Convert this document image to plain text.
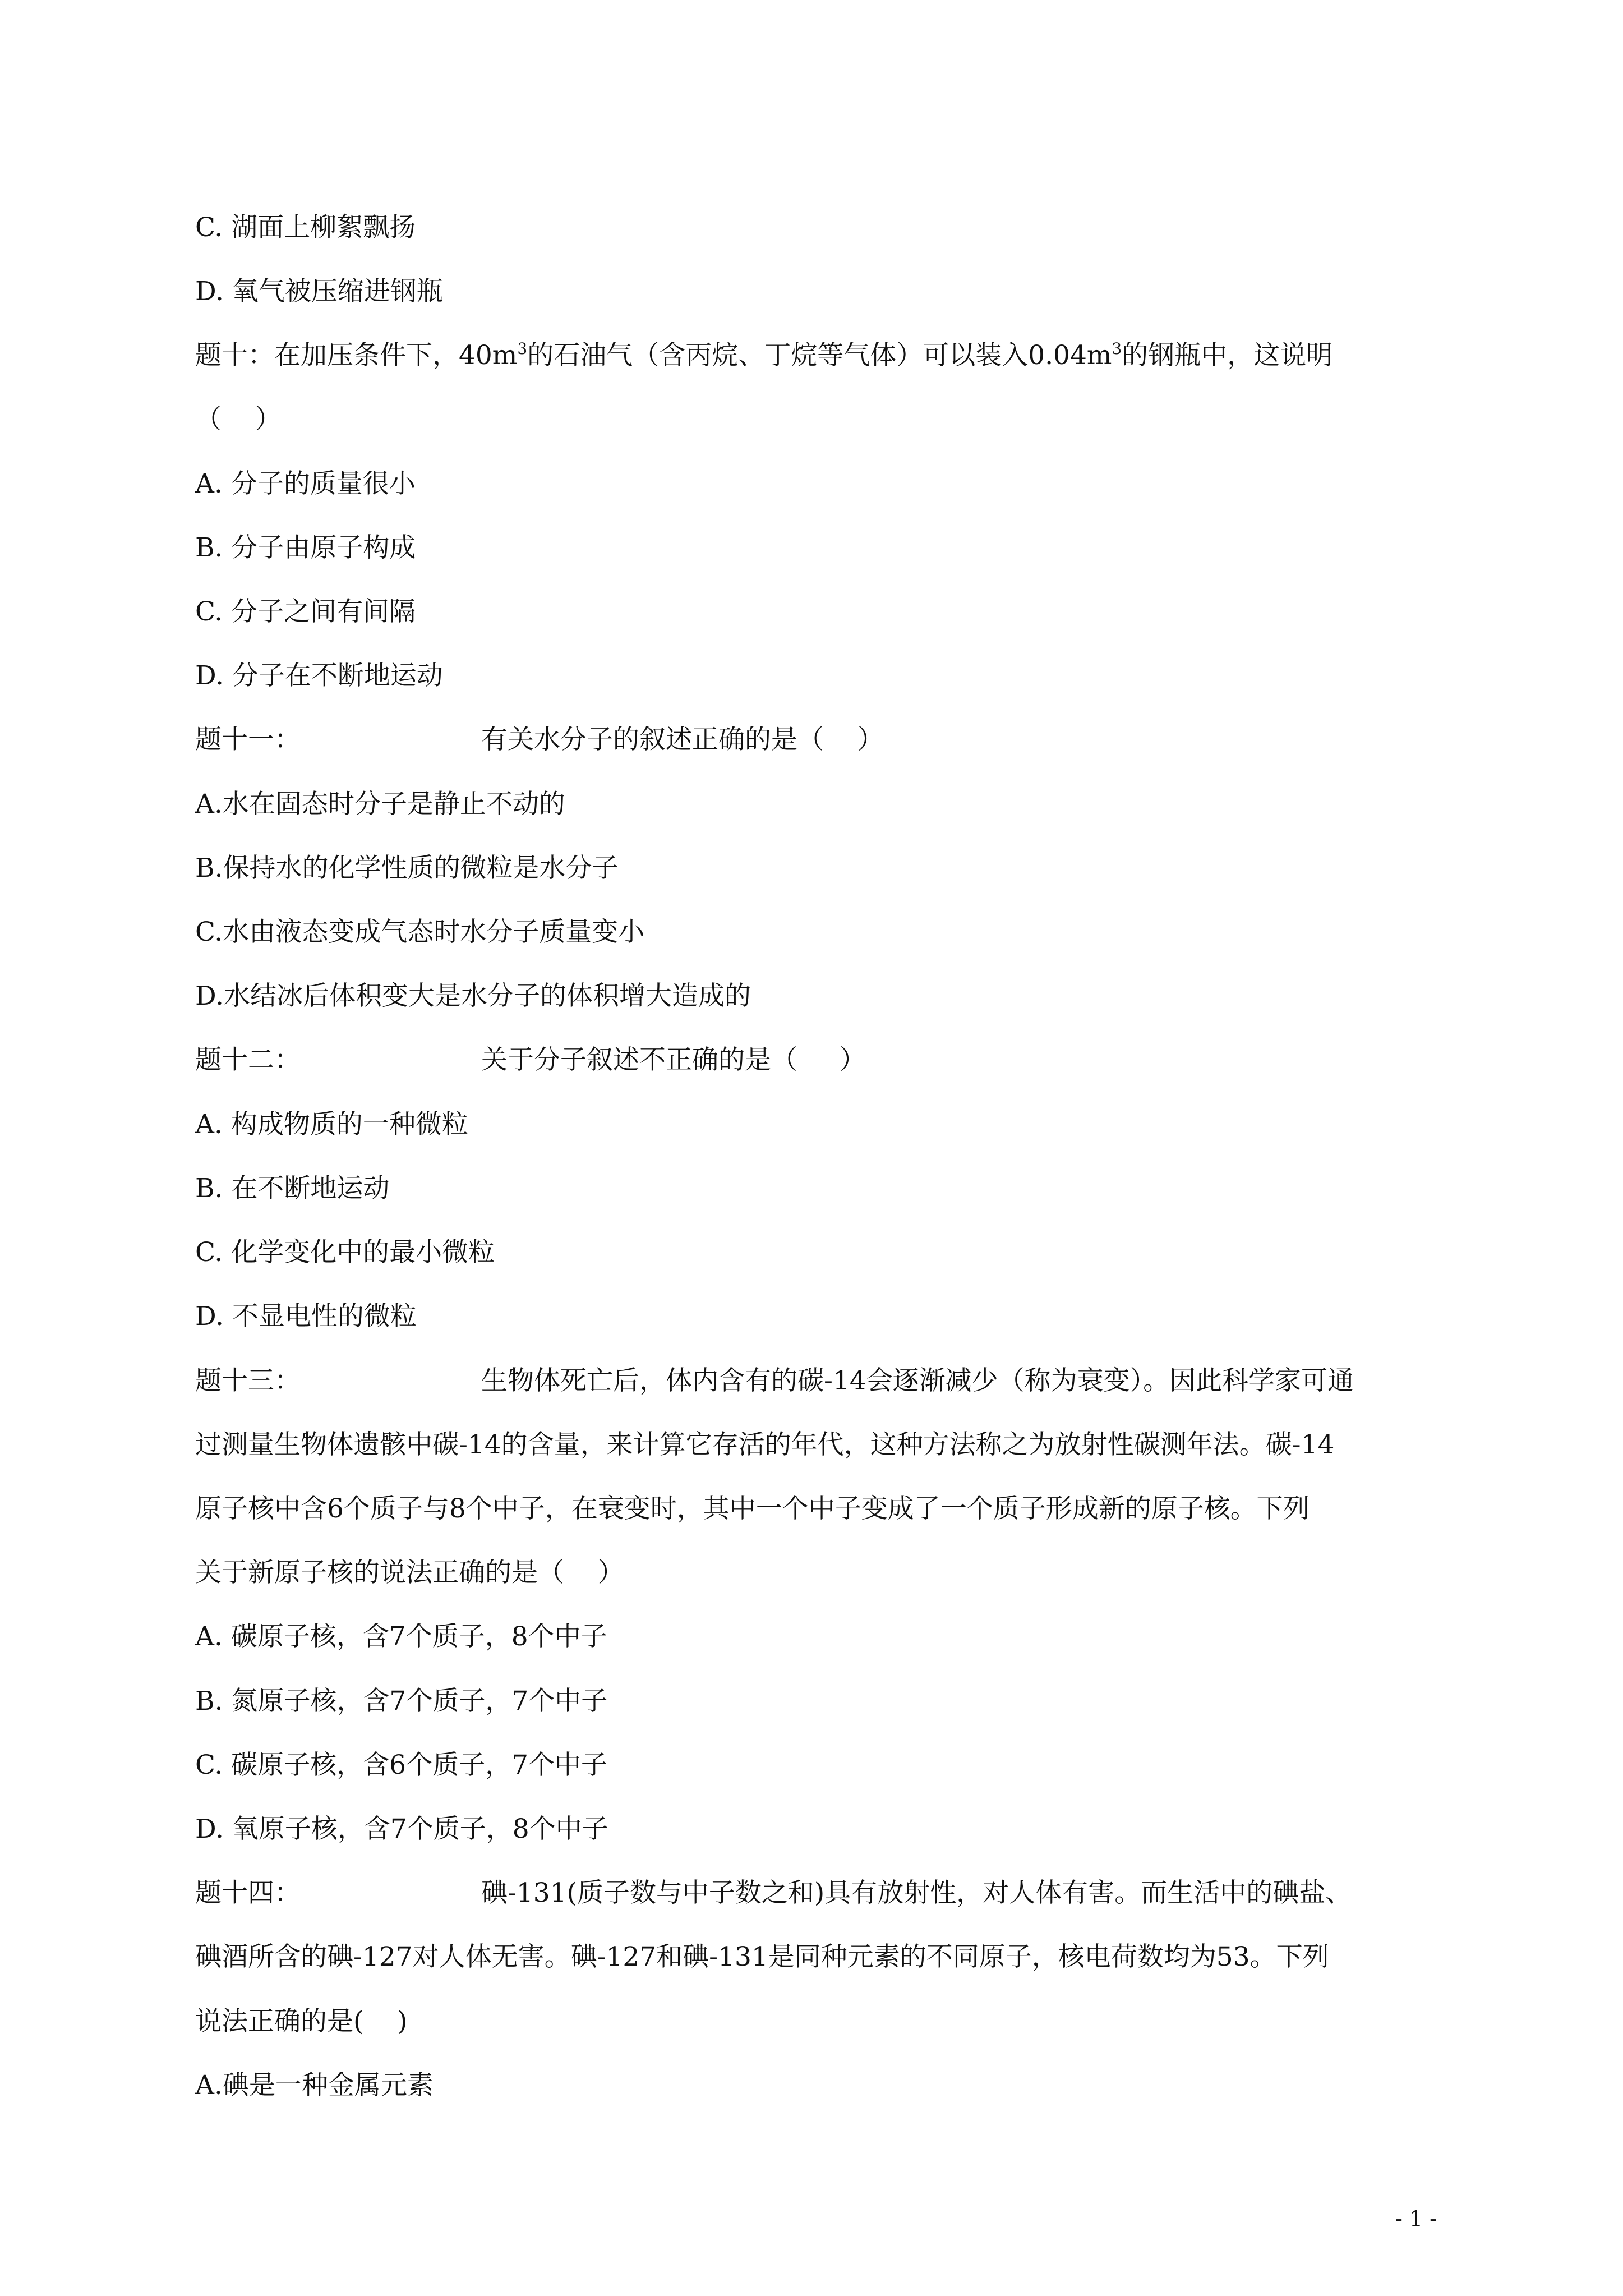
C. 湖面上柳絮飘扬
D. 氧气被压缩进钢瓶
题十：在加压条件下，$40m^3$的石油气（含丙烷、丁烷等气体）可以装入$0.04m^3$的钢瓶中，这说明
（    ）
A. 分子的质量很小
B. 分子由原子构成
C. 分子之间有间隔
D. 分子在不断地运动
题十一：	有关水分子的叙述正确的是（    ）
A.水在固态时分子是静止不动的
B.保持水的化学性质的微粒是水分子
C.水由液态变成气态时水分子质量变小
D.水结冰后体积变大是水分子的体积增大造成的
题十二：	关于分子叙述不正确的是（     ）
A. 构成物质的一种微粒
B. 在不断地运动
C. 化学变化中的最小微粒
D. 不显电性的微粒
题十三：	生物体死亡后，体内含有的碳-14会逐渐减少（称为衰变）。因此科学家可通
过测量生物体遗骸中碳-14的含量，来计算它存活的年代，这种方法称之为放射性碳测年法。碳-14
原子核中含6个质子与8个中子，在衰变时，其中一个中子变成了一个质子形成新的原子核。下列
关于新原子核的说法正确的是（    ）
A. 碳原子核，含7个质子，8个中子
B. 氮原子核，含7个质子，7个中子
C. 碳原子核，含6个质子，7个中子
D. 氧原子核，含7个质子，8个中子
题十四：	碘-131(质子数与中子数之和)具有放射性，对人体有害。而生活中的碘盐、
碘酒所含的碘-127对人体无害。碘-127和碘-131是同种元素的不同原子，核电荷数均为53。下列
说法正确的是(    )
A.碘是一种金属元素
- 1 -
